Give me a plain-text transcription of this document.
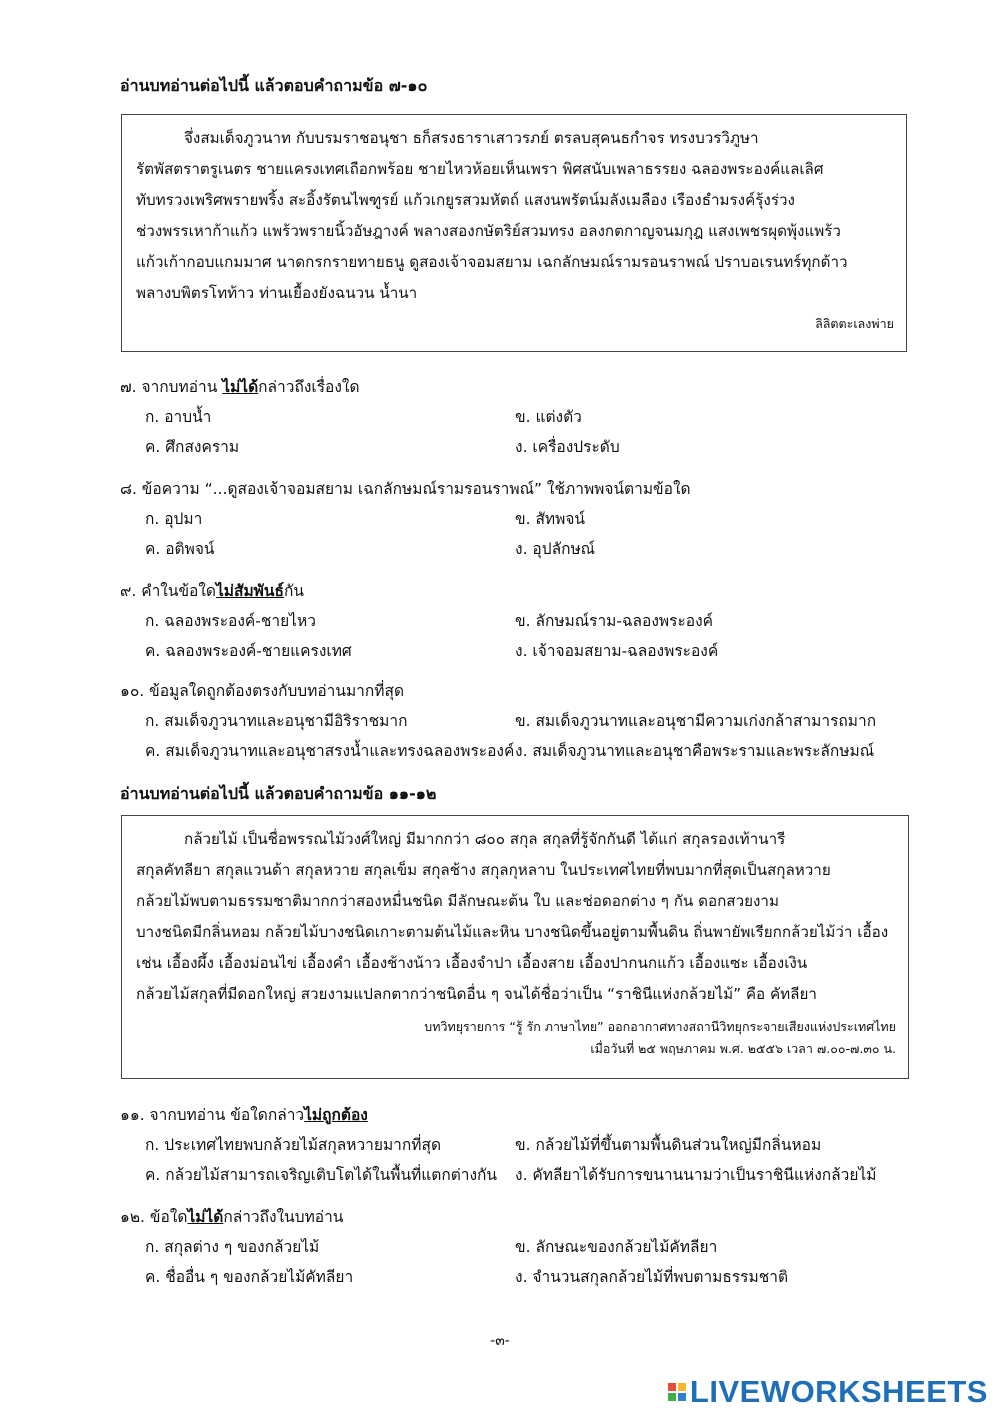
อ่านบทอ่านต่อไปนี้ แล้วตอบคำถามข้อ ๗-๑๐
จึ่งสมเด็จภูวนาท กับบรมราชอนุชา ธก็สรงธาราเสาวรภย์ ตรลบสุคนธกำจร ทรงบวรวิภูษา
รัตพัสตราตรูเนตร ชายแครงเทศเถือกพร้อย ชายไหวห้อยเห็นเพรา พิศสนับเพลาธรรยง ฉลองพระองค์แลเลิศ
ทับทรวงเพริศพรายพริ้ง สะอิ้งรัตนไพฑูรย์ แก้วเกยูรสวมหัตถ์ แสงนพรัตน์มลังเมลือง เรืองธำมรงค์รุ้งร่วง
ช่วงพรรเหาก้าแก้ว แพร้วพรายนิ้วอัษฎางค์ พลางสองกษัตริย์สวมทรง อลงกตกาญจนมกุฎ แสงเพชรผุดพุ้งแพร้ว
แก้วเก้ากอบแกมมาศ นาดกรกรายทายธนู ดูสองเจ้าจอมสยาม เฉกลักษมณ์รามรอนราพณ์ ปราบอเรนทร์ทุกด้าว
พลางบพิตรโทท้าว ท่านเยื้องยังฉนวน น้ำนา
ลิลิตตะเลงพ่าย
๗. จากบทอ่าน ไม่ได้กล่าวถึงเรื่องใด
ก. อาบน้ำ	ข. แต่งตัว
ค. ศึกสงคราม	ง. เครื่องประดับ
๘. ข้อความ “...ดูสองเจ้าจอมสยาม เฉกลักษมณ์รามรอนราพณ์” ใช้ภาพพจน์ตามข้อใด
ก. อุปมา	ข. สัทพจน์
ค. อติพจน์	ง. อุปลักษณ์
๙. คำในข้อใดไม่สัมพันธ์กัน
ก. ฉลองพระองค์-ชายไหว	ข. ลักษมณ์ราม-ฉลองพระองค์
ค. ฉลองพระองค์-ชายแครงเทศ	ง. เจ้าจอมสยาม-ฉลองพระองค์
๑๐. ข้อมูลใดถูกต้องตรงกับบทอ่านมากที่สุด
ก. สมเด็จภูวนาทและอนุชามีอิริราชมาก	ข. สมเด็จภูวนาทและอนุชามีความเก่งกล้าสามารถมาก
ค. สมเด็จภูวนาทและอนุชาสรงน้ำและทรงฉลองพระองค์ ง. สมเด็จภูวนาทและอนุชาคือพระรามและพระลักษมณ์
อ่านบทอ่านต่อไปนี้ แล้วตอบคำถามข้อ ๑๑-๑๒
กล้วยไม้ เป็นชื่อพรรณไม้วงศ์ใหญ่ มีมากกว่า ๘๐๐ สกุล สกุลที่รู้จักกันดี ได้แก่ สกุลรองเท้านารี
สกุลคัทลียา สกุลแวนด้า สกุลหวาย สกุลเข็ม สกุลช้าง สกุลกุหลาบ ในประเทศไทยที่พบมากที่สุดเป็นสกุลหวาย
กล้วยไม้พบตามธรรมชาติมากกว่าสองหมื่นชนิด มีลักษณะต้น ใบ และช่อดอกต่าง ๆ กัน ดอกสวยงาม
บางชนิดมีกลิ่นหอม กล้วยไม้บางชนิดเกาะตามต้นไม้และหิน บางชนิดขึ้นอยู่ตามพื้นดิน ถิ่นพายัพเรียกกล้วยไม้ว่า เอื้อง
เช่น เอื้องผึ้ง เอื้องม่อนไข่ เอื้องคำ เอื้องช้างน้าว เอื้องจำปา เอื้องสาย เอื้องปากนกแก้ว เอื้องแซะ เอื้องเงิน
กล้วยไม้สกุลที่มีดอกใหญ่ สวยงามแปลกตากว่าชนิดอื่น ๆ จนได้ชื่อว่าเป็น “ราชินีแห่งกล้วยไม้” คือ คัทลียา
บทวิทยุรายการ “รู้ รัก ภาษาไทย” ออกอากาศทางสถานีวิทยุกระจายเสียงแห่งประเทศไทย
เมื่อวันที่ ๒๕ พฤษภาคม พ.ศ. ๒๕๕๖ เวลา ๗.๐๐-๗.๓๐ น.
๑๑. จากบทอ่าน ข้อใดกล่าวไม่ถูกต้อง
ก. ประเทศไทยพบกล้วยไม้สกุลหวายมากที่สุด	ข. กล้วยไม้ที่ขึ้นตามพื้นดินส่วนใหญ่มีกลิ่นหอม
ค. กล้วยไม้สามารถเจริญเติบโตได้ในพื้นที่แตกต่างกัน	ง. คัทลียาได้รับการขนานนามว่าเป็นราชินีแห่งกล้วยไม้
๑๒. ข้อใดไม่ได้กล่าวถึงในบทอ่าน
ก. สกุลต่าง ๆ ของกล้วยไม้	ข. ลักษณะของกล้วยไม้คัทลียา
ค. ชื่ออื่น ๆ ของกล้วยไม้คัทลียา	ง. จำนวนสกุลกล้วยไม้ที่พบตามธรรมชาติ
-๓-
LIVEWORKSHEETS
